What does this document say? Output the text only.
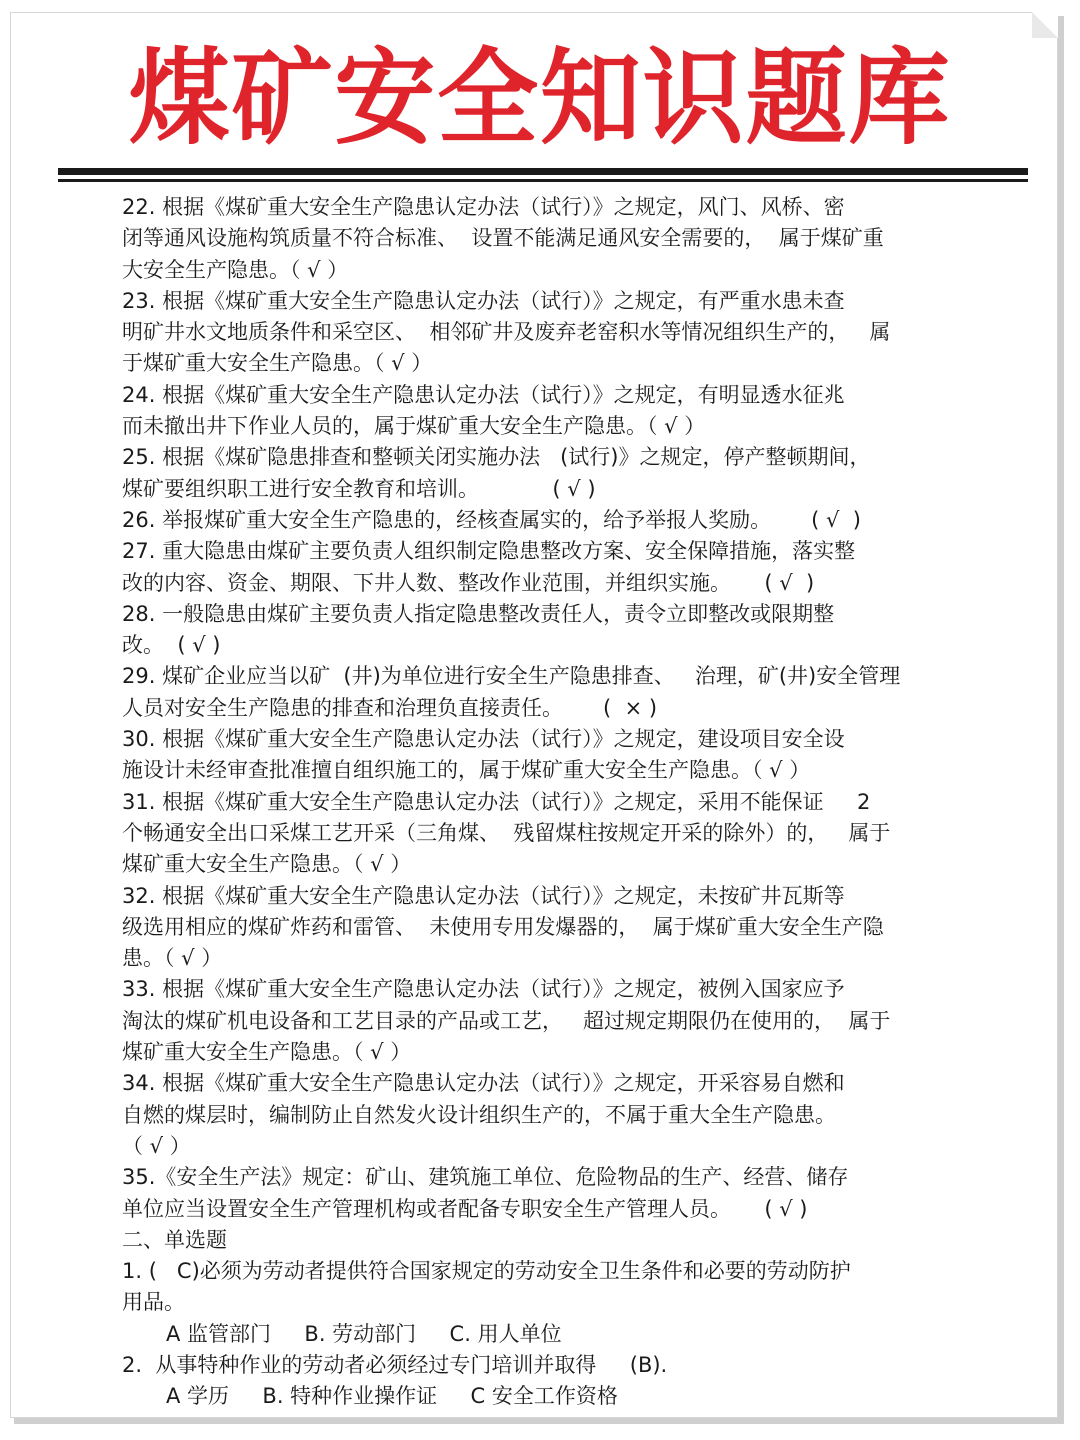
煤矿安全知识题库
22. 根据《煤矿重大安全生产隐患认定办法（试行）》之规定，风门、风桥、密
闭等通风设施构筑质量不符合标准、  设置不能满足通风安全需要的，  属于煤矿重
大安全生产隐患。（ √ ）
23. 根据《煤矿重大安全生产隐患认定办法（试行）》之规定，有严重水患未查
明矿井水文地质条件和采空区、  相邻矿井及废弃老窑积水等情况组织生产的，   属
于煤矿重大安全生产隐患。（ √ ）
24. 根据《煤矿重大安全生产隐患认定办法（试行）》之规定，有明显透水征兆
而未撤出井下作业人员的，属于煤矿重大安全生产隐患。（ √ ）
25. 根据《煤矿隐患排查和整顿关闭实施办法   (试行)》之规定，停产整顿期间，
煤矿要组织职工进行安全教育和培训。           ( √ )
26. 举报煤矿重大安全生产隐患的，经核查属实的，给予举报人奖励。      ( √  )
27. 重大隐患由煤矿主要负责人组织制定隐患整改方案、安全保障措施，落实整
改的内容、资金、期限、下井人数、整改作业范围，并组织实施。     ( √  )
28. 一般隐患由煤矿主要负责人指定隐患整改责任人，责令立即整改或限期整
改。  ( √ )
29. 煤矿企业应当以矿  (井)为单位进行安全生产隐患排查、   治理，矿(井)安全管理
人员对安全生产隐患的排查和治理负直接责任。      (  × )
30. 根据《煤矿重大安全生产隐患认定办法（试行）》之规定，建设项目安全设
施设计未经审查批准擅自组织施工的，属于煤矿重大安全生产隐患。（ √ ）
31. 根据《煤矿重大安全生产隐患认定办法（试行）》之规定，采用不能保证     2
个畅通安全出口采煤工艺开采（三角煤、  残留煤柱按规定开采的除外）的，   属于
煤矿重大安全生产隐患。（ √ ）
32. 根据《煤矿重大安全生产隐患认定办法（试行）》之规定，未按矿井瓦斯等
级选用相应的煤矿炸药和雷管、  未使用专用发爆器的，  属于煤矿重大安全生产隐
患。（ √ ）
33. 根据《煤矿重大安全生产隐患认定办法（试行）》之规定，被例入国家应予
淘汰的煤矿机电设备和工艺目录的产品或工艺，   超过规定期限仍在使用的，  属于
煤矿重大安全生产隐患。（ √ ）
34. 根据《煤矿重大安全生产隐患认定办法（试行）》之规定，开采容易自燃和
自燃的煤层时，编制防止自然发火设计组织生产的，不属于重大全生产隐患。
（ √ ）
35.《安全生产法》规定：矿山、建筑施工单位、危险物品的生产、经营、储存
单位应当设置安全生产管理机构或者配备专职安全生产管理人员。     ( √ )
二、单选题
1. (   C)必须为劳动者提供符合国家规定的劳动安全卫生条件和必要的劳动防护
用品。
A 监管部门     B. 劳动部门     C. 用人单位
2.  从事特种作业的劳动者必须经过专门培训并取得     (B).
A 学历     B. 特种作业操作证     C 安全工作资格
